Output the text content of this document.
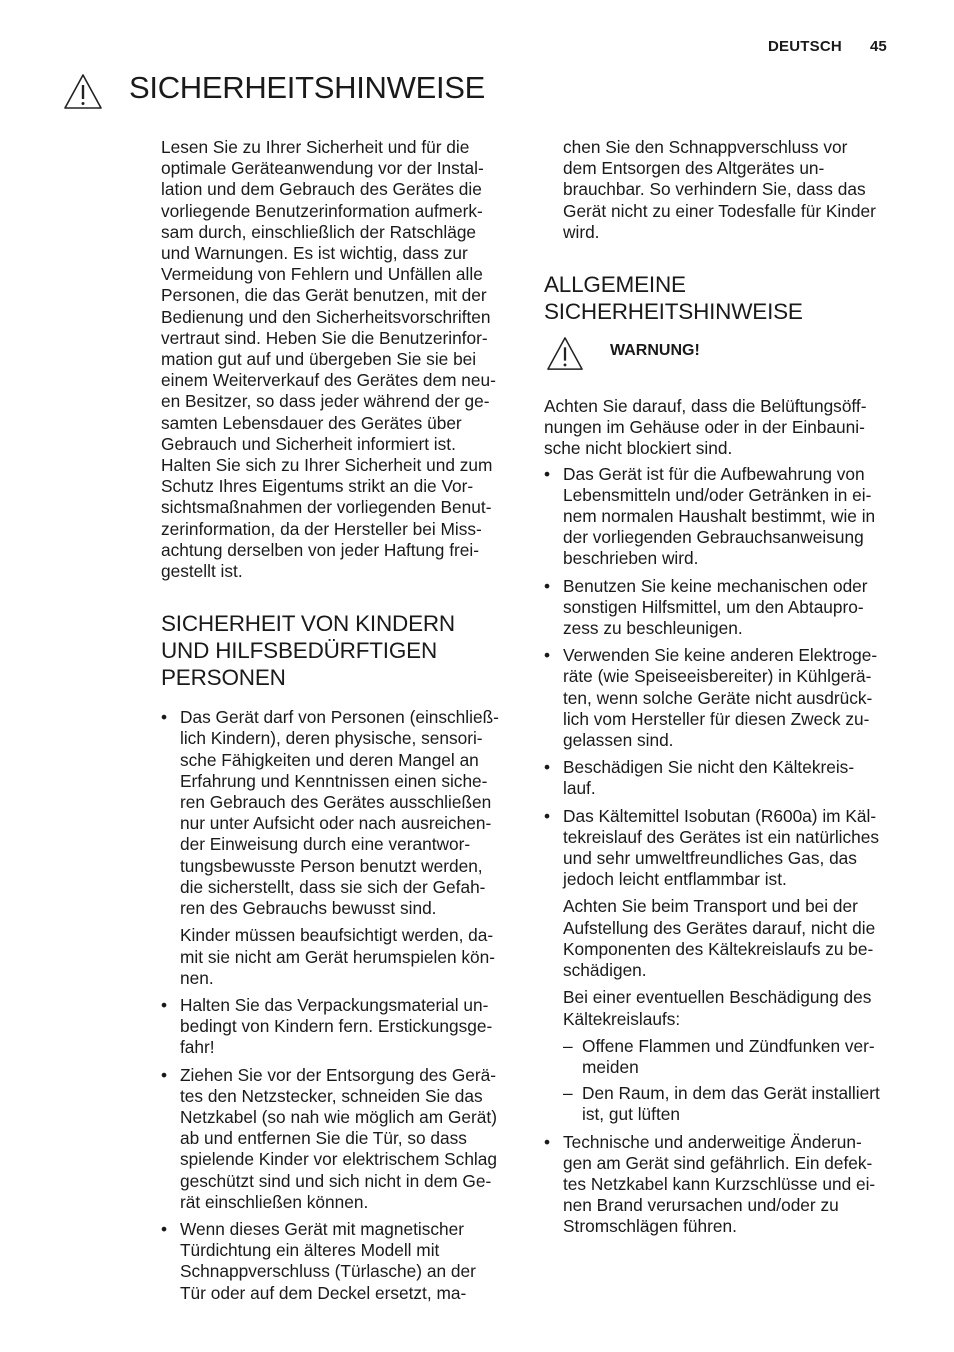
DEUTSCH 45
SICHERHEITSHINWEISE

Lesen Sie zu Ihrer Sicherheit und für die
optimale Geräteanwendung vor der Instal-
lation und dem Gebrauch des Gerätes die
vorliegende Benutzerinformation aufmerk-
sam durch, einschließlich der Ratschläge
und Warnungen. Es ist wichtig, dass zur
Vermeidung von Fehlern und Unfällen alle
Personen, die das Gerät benutzen, mit der
Bedienung und den Sicherheitsvorschriften
vertraut sind. Heben Sie die Benutzerinfor-
mation gut auf und übergeben Sie sie bei
einem Weiterverkauf des Gerätes dem neu-
en Besitzer, so dass jeder während der ge-
samten Lebensdauer des Gerätes über
Gebrauch und Sicherheit informiert ist.
Halten Sie sich zu Ihrer Sicherheit und zum
Schutz Ihres Eigentums strikt an die Vor-
sichtsmaßnahmen der vorliegenden Benut-
zerinformation, da der Hersteller bei Miss-
achtung derselben von jeder Haftung frei-
gestellt ist.

SICHERHEIT VON KINDERN
UND HILFSBEDÜRFTIGEN
PERSONEN
• Das Gerät darf von Personen (einschließ-
lich Kindern), deren physische, sensori-
sche Fähigkeiten und deren Mangel an
Erfahrung und Kenntnissen einen siche-
ren Gebrauch des Gerätes ausschließen
nur unter Aufsicht oder nach ausreichen-
der Einweisung durch eine verantwor-
tungsbewusste Person benutzt werden,
die sicherstellt, dass sie sich der Gefah-
ren des Gebrauchs bewusst sind.
Kinder müssen beaufsichtigt werden, da-
mit sie nicht am Gerät herumspielen kön-
nen.
• Halten Sie das Verpackungsmaterial un-
bedingt von Kindern fern. Erstickungsge-
fahr!
• Ziehen Sie vor der Entsorgung des Gerä-
tes den Netzstecker, schneiden Sie das
Netzkabel (so nah wie möglich am Gerät)
ab und entfernen Sie die Tür, so dass
spielende Kinder vor elektrischem Schlag
geschützt sind und sich nicht in dem Ge-
rät einschließen können.
• Wenn dieses Gerät mit magnetischer
Türdichtung ein älteres Modell mit
Schnappverschluss (Türlasche) an der
Tür oder auf dem Deckel ersetzt, ma-
chen Sie den Schnappverschluss vor
dem Entsorgen des Altgerätes un-
brauchbar. So verhindern Sie, dass das
Gerät nicht zu einer Todesfalle für Kinder
wird.
ALLGEMEINE
SICHERHEITSHINWEISE
WARNUNG!

Achten Sie darauf, dass die Belüftungsöff-
nungen im Gehäuse oder in der Einbauni-
sche nicht blockiert sind.

• Das Gerät ist für die Aufbewahrung von
Lebensmitteln und/oder Getränken in ei-
nem normalen Haushalt bestimmt, wie in
der vorliegenden Gebrauchsanweisung
beschrieben wird.
• Benutzen Sie keine mechanischen oder
sonstigen Hilfsmittel, um den Abtaupro-
zess zu beschleunigen.
• Verwenden Sie keine anderen Elektroge-
räte (wie Speiseeisbereiter) in Kühlgerä-
ten, wenn solche Geräte nicht ausdrück-
lich vom Hersteller für diesen Zweck zu-
gelassen sind.
• Beschädigen Sie nicht den Kältekreis-
lauf.
• Das Kältemittel Isobutan (R600a) im Käl-
tekreislauf des Gerätes ist ein natürliches
und sehr umweltfreundliches Gas, das
jedoch leicht entflammbar ist.
Achten Sie beim Transport und bei der
Aufstellung des Gerätes darauf, nicht die
Komponenten des Kältekreislaufs zu be-
schädigen.
Bei einer eventuellen Beschädigung des
Kältekreislaufs:
– Offene Flammen und Zündfunken ver-
meiden
– Den Raum, in dem das Gerät installiert
ist, gut lüften
• Technische und anderweitige Änderun-
gen am Gerät sind gefährlich. Ein defek-
tes Netzkabel kann Kurzschlüsse und ei-
nen Brand verursachen und/oder zu
Stromschlägen führen.
